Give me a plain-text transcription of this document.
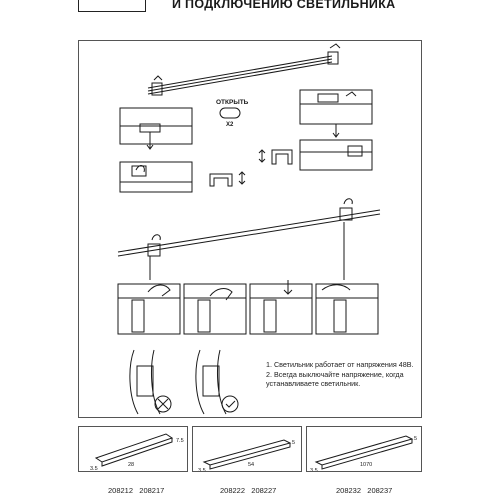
И ПОДКЛЮЧЕНИЮ СВЕТИЛЬНИКА
ОТКРЫТЬ
X2
28
3.5
7.5
54
3.5
5
1070
3.5
5
1. Светильник работает от напряжения 48В.
2. Всегда выключайте напряжение, когда устанавливаете светильник.
208212 208217	208222 208227	208232 208237
